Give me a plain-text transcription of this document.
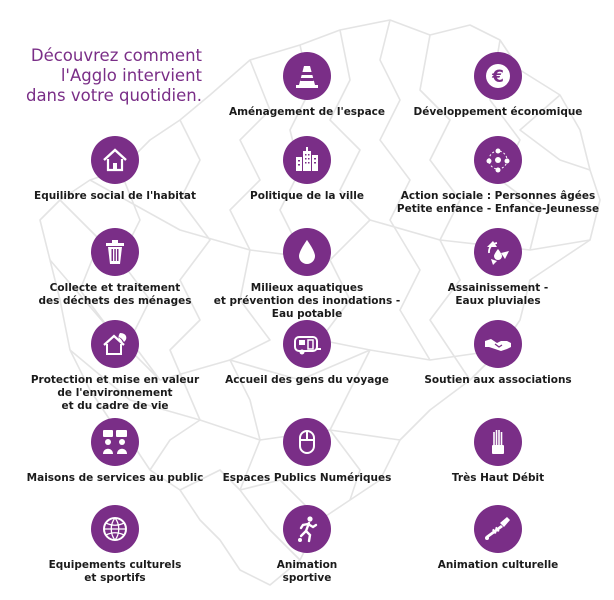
Découvrez comment
l'Agglo intervient
dans votre quotidien.
Aménagement de l'espace
€
Développement économique
Equilibre social de l'habitat	Politique de la ville	Action sociale : Personnes âgées
Petite enfance - Enfance-Jeunesse
Collecte et traitement
des déchets des ménages
Milieux aquatiques
et prévention des inondations -
Eau potable
Assainissement -
Eaux pluviales
Protection et mise en valeur
de l'environnement
et du cadre de vie
Accueil des gens du voyage	Soutien aux associations
Maisons de services au public	Espaces Publics Numériques	Très Haut Débit
Equipements culturels
et sportifs
Animation
sportive
Animation culturelle
